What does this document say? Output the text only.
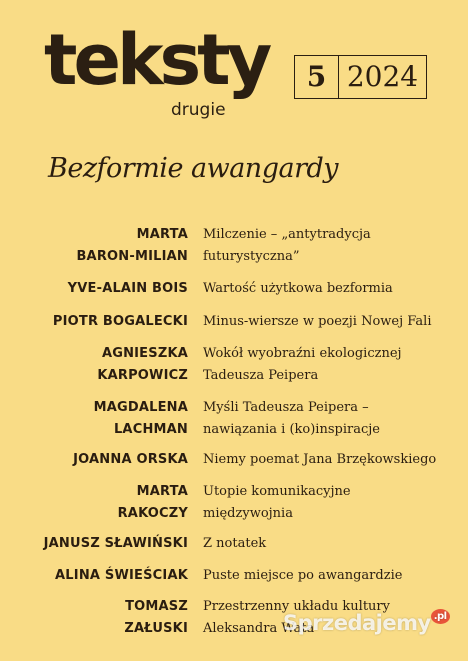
teksty
drugie
5 2024
Bezformie awangardy
MARTA
BARON-MILIAN
Milczenie – „antytradycja
futurystyczna”
YVE-ALAIN BOIS Wartość użytkowa bezformia
PIOTR BOGALECKI Minus-wiersze w poezji Nowej Fali
AGNIESZKA
KARPOWICZ
Wokół wyobraźni ekologicznej
Tadeusza Peipera
MAGDALENA
LACHMAN
Myśli Tadeusza Peipera –
nawiązania i (ko)inspiracje
JOANNA ORSKA Niemy poemat Jana Brzękowskiego
MARTA
RAKOCZY
Utopie komunikacyjne
międzywojnia
JANUSZ SŁAWIŃSKI Z notatek
ALINA ŚWIEŚCIAK Puste miejsce po awangardzie
TOMASZ
ZAŁUSKI
Przestrzenny układu kultury
Aleksandra Wata
Sprzedajemy $^{.pl}$
